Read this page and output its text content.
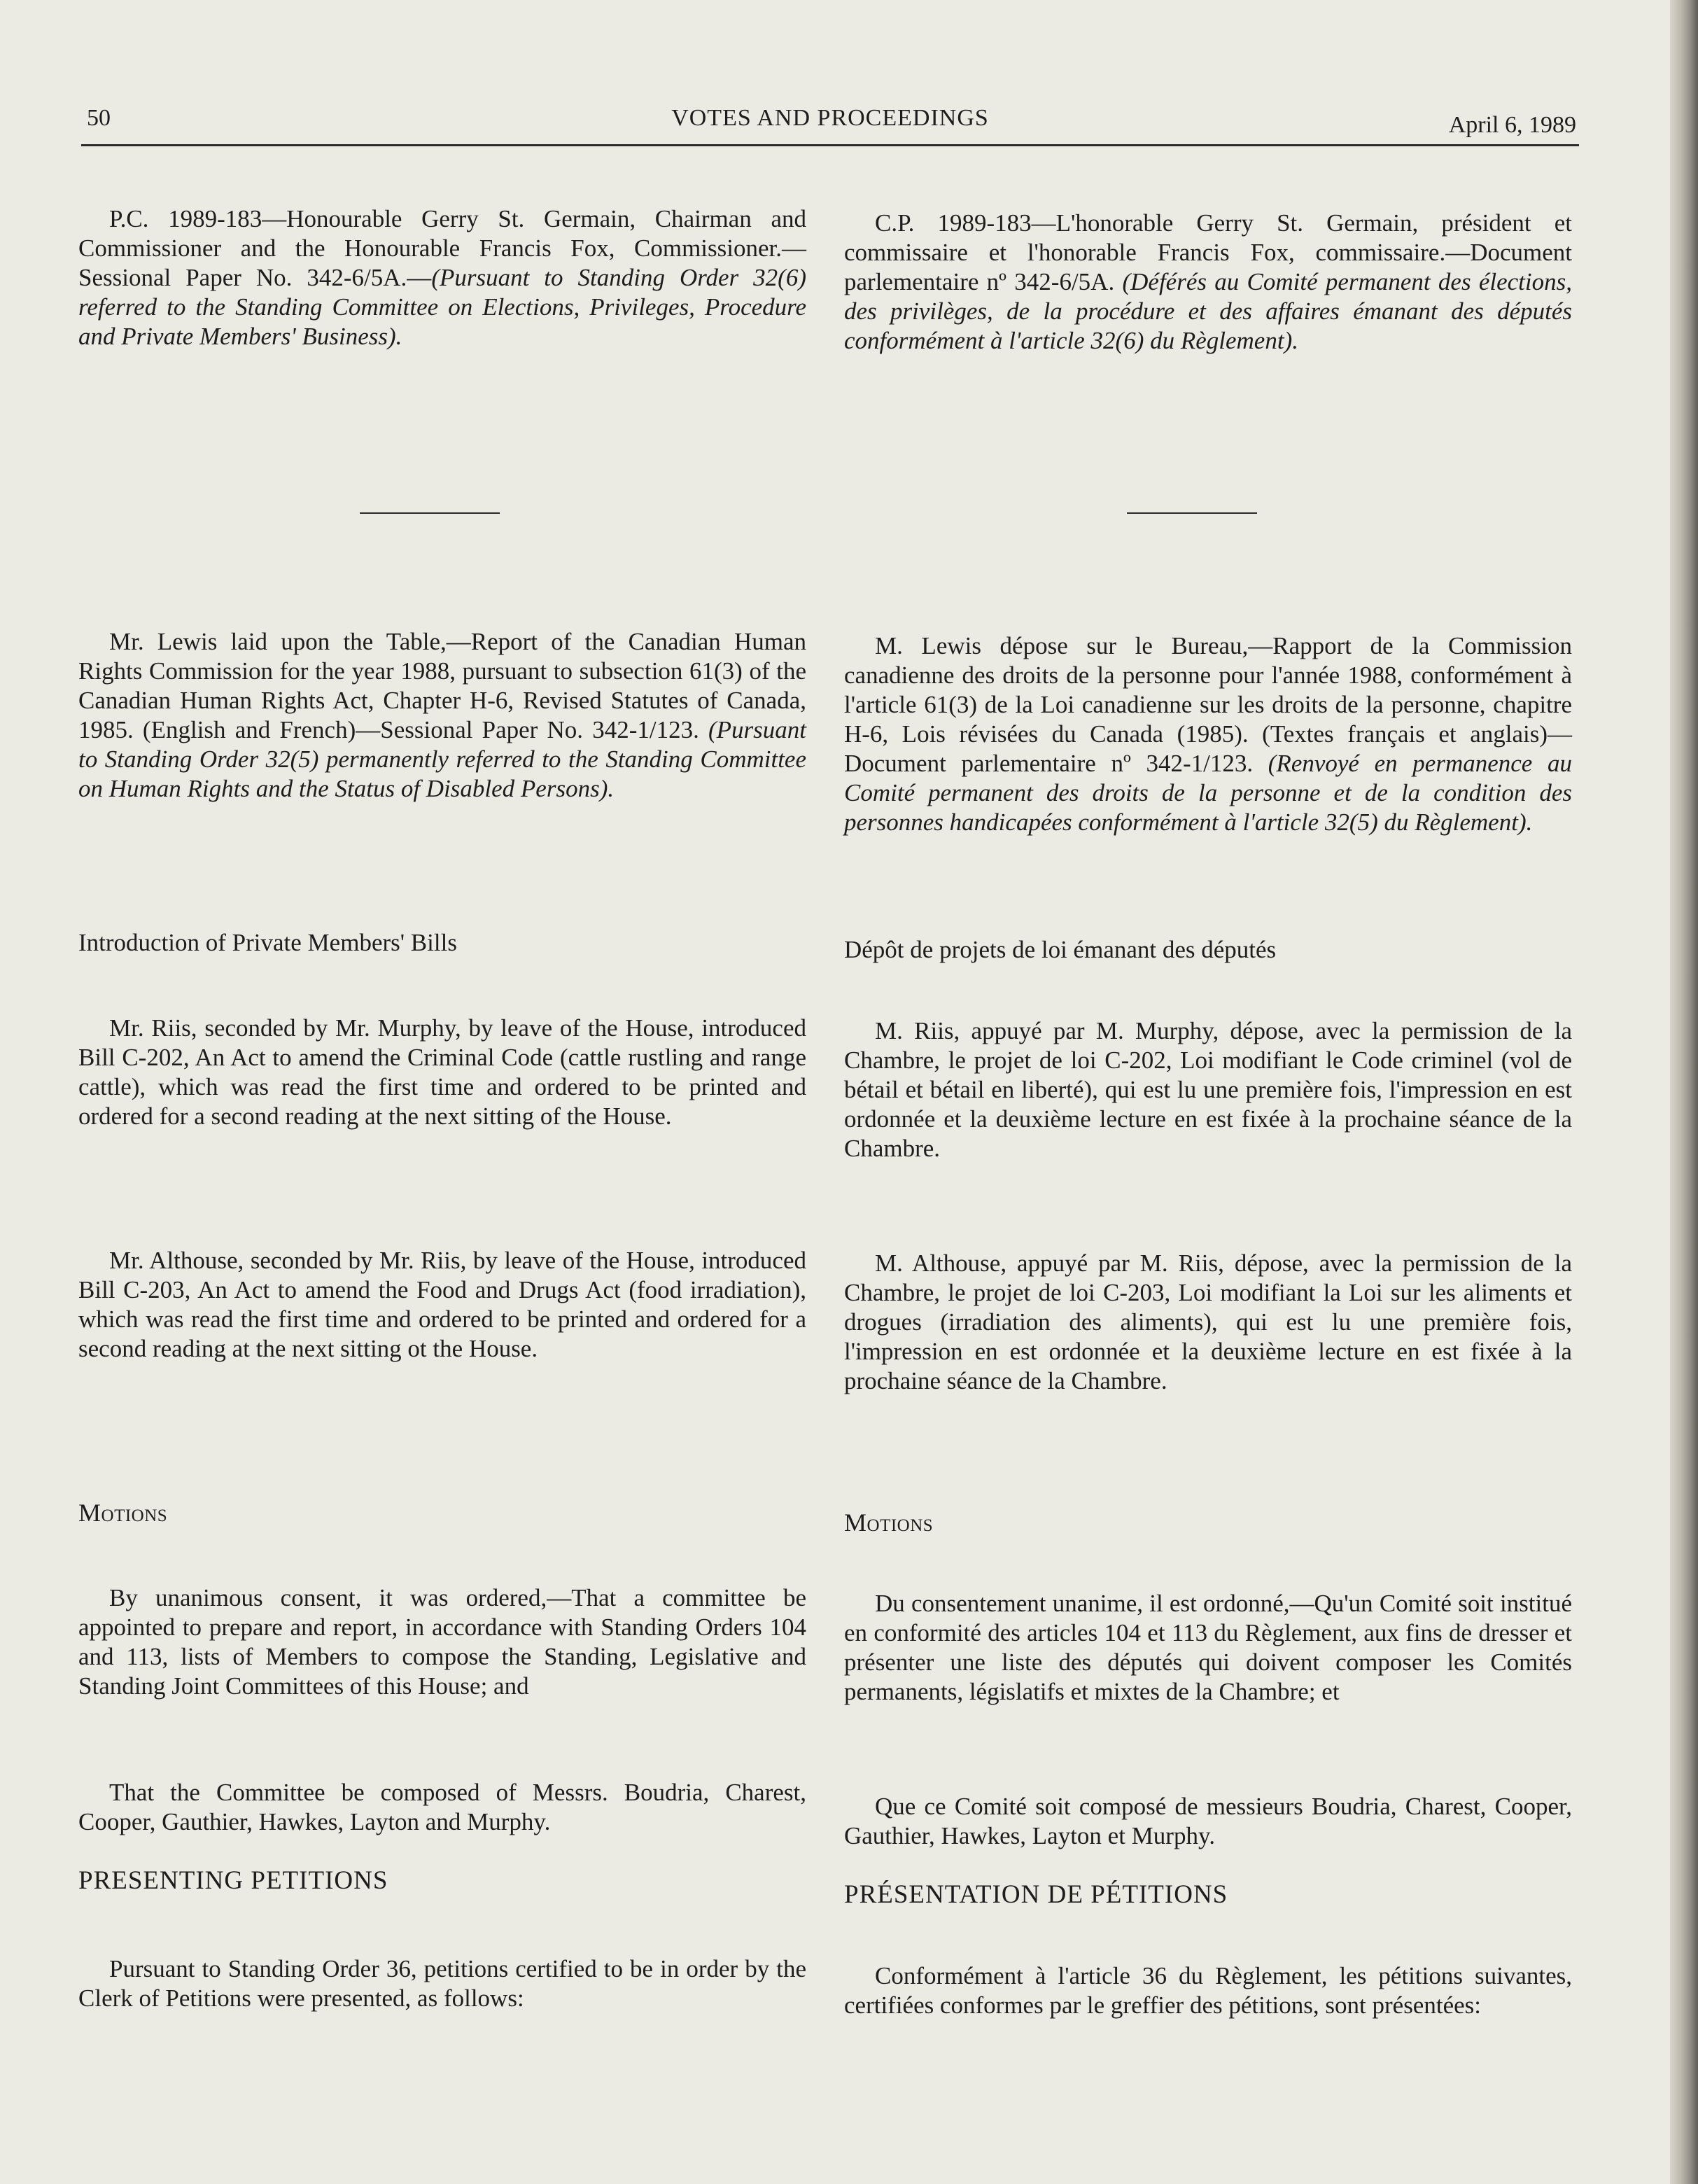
50	VOTES AND PROCEEDINGS	April 6, 1989

P.C. 1989-183—Honourable Gerry St. Germain, Chairman and Commissioner and the Honourable Francis Fox, Commissioner.—Sessional Paper No. 342-6/5A.—(Pursuant to Standing Order 32(6) referred to the Standing Committee on Elections, Privileges, Procedure and Private Members' Business).

Mr. Lewis laid upon the Table,—Report of the Canadian Human Rights Commission for the year 1988, pursuant to subsection 61(3) of the Canadian Human Rights Act, Chapter H-6, Revised Statutes of Canada, 1985. (English and French)—Sessional Paper No. 342-1/123. (Pursuant to Standing Order 32(5) permanently referred to the Standing Committee on Human Rights and the Status of Disabled Persons).

Introduction of Private Members' Bills

Mr. Riis, seconded by Mr. Murphy, by leave of the House, introduced Bill C-202, An Act to amend the Criminal Code (cattle rustling and range cattle), which was read the first time and ordered to be printed and ordered for a second reading at the next sitting of the House.

Mr. Althouse, seconded by Mr. Riis, by leave of the House, introduced Bill C-203, An Act to amend the Food and Drugs Act (food irradiation), which was read the first time and ordered to be printed and ordered for a second reading at the next sitting ot the House.

Motions

By unanimous consent, it was ordered,—That a committee be appointed to prepare and report, in accordance with Standing Orders 104 and 113, lists of Members to compose the Standing, Legislative and Standing Joint Committees of this House; and

That the Committee be composed of Messrs. Boudria, Charest, Cooper, Gauthier, Hawkes, Layton and Murphy.

PRESENTING PETITIONS

Pursuant to Standing Order 36, petitions certified to be in order by the Clerk of Petitions were presented, as follows:

C.P. 1989-183—L'honorable Gerry St. Germain, président et commissaire et l'honorable Francis Fox, commissaire.—Document parlementaire nº 342-6/5A. (Déférés au Comité permanent des élections, des privilèges, de la procédure et des affaires émanant des députés conformément à l'article 32(6) du Règlement).

M. Lewis dépose sur le Bureau,—Rapport de la Commission canadienne des droits de la personne pour l'année 1988, conformément à l'article 61(3) de la Loi canadienne sur les droits de la personne, chapitre H-6, Lois révisées du Canada (1985). (Textes français et anglais)—Document parlementaire nº 342-1/123. (Renvoyé en permanence au Comité permanent des droits de la personne et de la condition des personnes handicapées conformément à l'article 32(5) du Règlement).

Dépôt de projets de loi émanant des députés

M. Riis, appuyé par M. Murphy, dépose, avec la permission de la Chambre, le projet de loi C-202, Loi modifiant le Code criminel (vol de bétail et bétail en liberté), qui est lu une première fois, l'impression en est ordonnée et la deuxième lecture en est fixée à la prochaine séance de la Chambre.

M. Althouse, appuyé par M. Riis, dépose, avec la permission de la Chambre, le projet de loi C-203, Loi modifiant la Loi sur les aliments et drogues (irradiation des aliments), qui est lu une première fois, l'impression en est ordonnée et la deuxième lecture en est fixée à la prochaine séance de la Chambre.

Motions

Du consentement unanime, il est ordonné,—Qu'un Comité soit institué en conformité des articles 104 et 113 du Règlement, aux fins de dresser et présenter une liste des députés qui doivent composer les Comités permanents, législatifs et mixtes de la Chambre; et

Que ce Comité soit composé de messieurs Boudria, Charest, Cooper, Gauthier, Hawkes, Layton et Murphy.

PRÉSENTATION DE PÉTITIONS

Conformément à l'article 36 du Règlement, les pétitions suivantes, certifiées conformes par le greffier des pétitions, sont présentées:
